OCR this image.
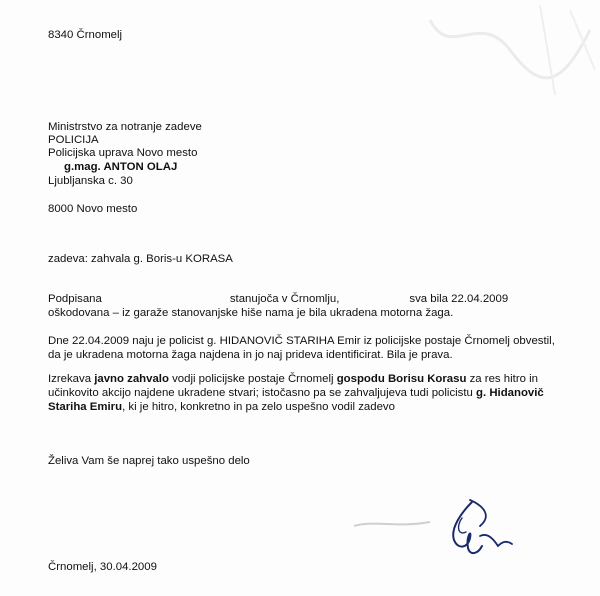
8340 Črnomelj
Ministrstvo za notranje zadeve
POLICIJA
Policijska uprava Novo mesto
g.mag. ANTON OLAJ
Ljubljanska c. 30
8000 Novo mesto
zadeva: zahvala g. Boris-u KORASA
Podpisana	stanujoča v Črnomlju,	sva bila 22.04.2009
oškodovana – iz garaže stanovanjske hiše nama je bila ukradena motorna žaga.
Dne 22.04.2009 naju je policist g. HIDANOVIČ STARIHA Emir iz policijske postaje Črnomelj obvestil,
da je ukradena motorna žaga najdena in jo naj prideva identificirat. Bila je prava.
Izrekava javno zahvalo vodji policijske postaje Črnomelj gospodu Borisu Korasu za res hitro in
učinkovito akcijo najdene ukradene stvari; istočasno pa se zahvaljujeva tudi policistu g. Hidanovič
Stariha Emiru, ki je hitro, konkretno in pa zelo uspešno vodil zadevo
Želiva Vam še naprej tako uspešno delo
Črnomelj, 30.04.2009
